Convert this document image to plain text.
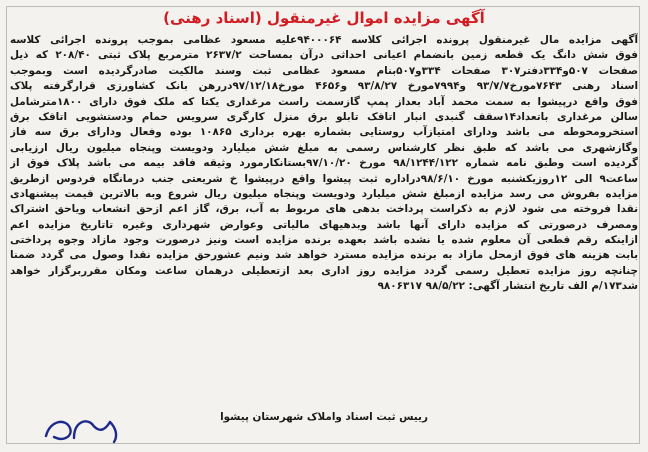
آگهی مزایده اموال غیرمنقول (اسناد رهنی)
آگهی مزایده مال غیرمنقول پرونده اجرائی کلاسه ۹۴۰۰۰۶۴علیه مسعود عظامی بموجب پرونده اجرائی کلاسه
فوق شش دانگ یک قطعه زمین بانضمام اعیانی احداثی درآن بمساحت ۲۶۳۷/۲ مترمربع پلاک ثبتی ۲۰۸/۴۰ که ذیل
صفحات ۵۰۷و۳۳۴دفتر۳۰۷ صفحات ۳۳۴و۵۰۷بنام مسعود عظامی ثبت وسند مالکیت صادرگردیده است وبموجب
اسناد رهنی ۷۶۴۳مورخ۹۳/۷/۷ و۷۹۹۴مورخ ۹۳/۸/۲۷ و۴۶۵۶ مورخ۹۷/۱۲/۱۸دررهن بانک کشاورزی قرارگرفته پلاک
فوق واقع درپیشوا به سمت محمد آباد بعداز پمپ گازسمت راست مرغداری یکتا که ملک فوق دارای ۱۸۰۰مترشامل
سالن مرغداری باتعداد۱۴سقف گنبدی انبار اتاقک تابلو برق منزل کارگری سرویس حمام ودستشویی اتاقک برق
استخرومحوطه می باشد ودارای امتیازآب روستایی بشماره بهره برداری ۱۰۸۶۵ بوده وفعال ودارای برق سه فاز
وگازشهری می باشد که طبق نظر کارشناس رسمی به مبلغ شش میلیارد ودویست وپنجاه میلیون ریال ارزیابی
گردیده است وطبق نامه شماره ۹۸/۱۲۴۴/۱۲۲ مورخ ۹۷/۱۰/۲۰بستانکارمورد وثیقه فاقد بیمه می باشد پلاک فوق از
ساعت۹ الی ۱۲روزیکشنبه مورخ ۹۸/۶/۱۰دراداره ثبت پیشوا واقع درپیشوا خ شریعتی جنب درمانگاه فردوس ازطریق
مزایده بفروش می رسد مزایده ازمبلغ شش میلیارد ودویست وپنجاه میلیون ریال شروع وبه بالاترین قیمت پیشنهادی
نقدا فروخته می شود لازم به ذکراست پرداخت بدهی های مربوط به آب، برق، گاز اعم ازحق انشعاب ویاحق اشتراک
ومصرف درصورتی که مزایده دارای آنها باشد وبدهیهای مالیاتی وعوارض شهرداری وغیره تاتاریخ مزایده اعم
ازاینکه رقم قطعی آن معلوم شده یا نشده باشد بعهده برنده مزایده است ونیز درصورت وجود مازاد وجوه پرداختی
بابت هزینه های فوق ازمحل مازاد به برنده مزایده مسترد خواهد شد ونیم عشورحق مزایده نقدا وصول می گردد ضمنا
چنانچه روز مزایده تعطیل رسمی گردد مزایده روز اداری بعد ازتعطیلی درهمان ساعت ومکان مقرربرگزار خواهد
شد۱۷۳/م الف تاریخ انتشار آگهی: ۹۸/۵/۲۲ ۹۸۰۶۳۱۷
رییس ثبت اسناد واملاک شهرستان پیشوا
